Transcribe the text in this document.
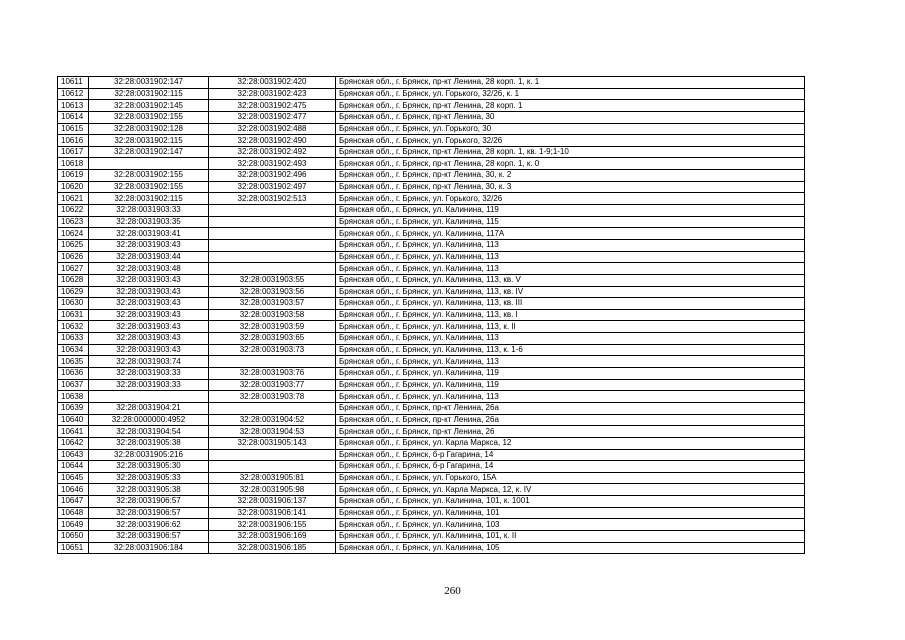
10611	32:28:0031902:147	32:28:0031902:420	Брянская обл., г. Брянск, пр-кт Ленина, 28 корп. 1, к. 1
10612	32:28:0031902:115	32:28:0031902:423	Брянская обл., г. Брянск, ул. Горького, 32/26, к. 1
10613	32:28:0031902:145	32:28:0031902:475	Брянская обл., г. Брянск, пр-кт Ленина, 28 корп. 1
10614	32:28:0031902:155	32:28:0031902:477	Брянская обл., г. Брянск, пр-кт Ленина, 30
10615	32:28:0031902:128	32:28:0031902:488	Брянская обл., г. Брянск, ул. Горького, 30
10616	32:28:0031902:115	32:28:0031902:490	Брянская обл., г. Брянск, ул. Горького, 32/26
10617	32:28:0031902:147	32:28:0031902:492	Брянская обл., г. Брянск, пр-кт Ленина, 28 корп. 1, кв. 1-9;1-10
10618		32:28:0031902:493	Брянская обл., г. Брянск, пр-кт Ленина, 28 корп. 1, к. 0
10619	32:28:0031902:155	32:28:0031902:496	Брянская обл., г. Брянск, пр-кт Ленина, 30, к. 2
10620	32:28:0031902:155	32:28:0031902:497	Брянская обл., г. Брянск, пр-кт Ленина, 30, к. 3
10621	32:28:0031902:115	32:28:0031902:513	Брянская обл., г. Брянск, ул. Горького, 32/26
10622	32:28:0031903:33		Брянская обл., г. Брянск, ул. Калинина, 119
10623	32:28:0031903:35		Брянская обл., г. Брянск, ул. Калинина, 115
10624	32:28:0031903:41		Брянская обл., г. Брянск, ул. Калинина, 117А
10625	32:28:0031903:43		Брянская обл., г. Брянск, ул. Калинина, 113
10626	32:28:0031903:44		Брянская обл., г. Брянск, ул. Калинина, 113
10627	32:28:0031903:48		Брянская обл., г. Брянск, ул. Калинина, 113
10628	32:28:0031903:43	32:28:0031903:55	Брянская обл., г. Брянск, ул. Калинина, 113, кв. V
10629	32:28:0031903:43	32:28:0031903:56	Брянская обл., г. Брянск, ул. Калинина, 113, кв. IV
10630	32:28:0031903:43	32:28:0031903:57	Брянская обл., г. Брянск, ул. Калинина, 113, кв. III
10631	32:28:0031903:43	32:28:0031903:58	Брянская обл., г. Брянск, ул. Калинина, 113, кв. I
10632	32:28:0031903:43	32:28:0031903:59	Брянская обл., г. Брянск, ул. Калинина, 113, к. II
10633	32:28:0031903:43	32:28:0031903:65	Брянская обл., г. Брянск, ул. Калинина, 113
10634	32:28:0031903:43	32:28:0031903:73	Брянская обл., г. Брянск, ул. Калинина, 113, к. 1-6
10635	32:28:0031903:74		Брянская обл., г. Брянск, ул. Калинина, 113
10636	32:28:0031903:33	32:28:0031903:76	Брянская обл., г. Брянск, ул. Калинина, 119
10637	32:28:0031903:33	32:28:0031903:77	Брянская обл., г. Брянск, ул. Калинина, 119
10638		32:28:0031903:78	Брянская обл., г. Брянск, ул. Калинина, 113
10639	32:28:0031904:21		Брянская обл., г. Брянск, пр-кт Ленина, 26а
10640	32:28:0000000:4952	32:28:0031904:52	Брянская обл., г. Брянск, пр-кт Ленина, 26а
10641	32:28:0031904:54	32:28:0031904:53	Брянская обл., г. Брянск, пр-кт Ленина, 26
10642	32:28:0031905:38	32:28:0031905:143	Брянская обл., г. Брянск, ул. Карла Маркса, 12
10643	32:28:0031905:216		Брянская обл., г. Брянск, б-р Гагарина, 14
10644	32:28:0031905:30		Брянская обл., г. Брянск, б-р Гагарина, 14
10645	32:28:0031905:33	32:28:0031905:81	Брянская обл., г. Брянск, ул. Горького, 15А
10646	32:28:0031905:38	32:28:0031905:98	Брянская обл., г. Брянск, ул. Карла Маркса, 12, к. IV
10647	32:28:0031906:57	32:28:0031906:137	Брянская обл., г. Брянск, ул. Калинина, 101, к. 1001
10648	32:28:0031906:57	32:28:0031906:141	Брянская обл., г. Брянск, ул. Калинина, 101
10649	32:28:0031906:62	32:28:0031906:155	Брянская обл., г. Брянск, ул. Калинина, 103
10650	32:28:0031906:57	32:28:0031906:169	Брянская обл., г. Брянск, ул. Калинина, 101, к. II
10651	32:28:0031906:184	32:28:0031906:185	Брянская обл., г. Брянск, ул. Калинина, 105
260
